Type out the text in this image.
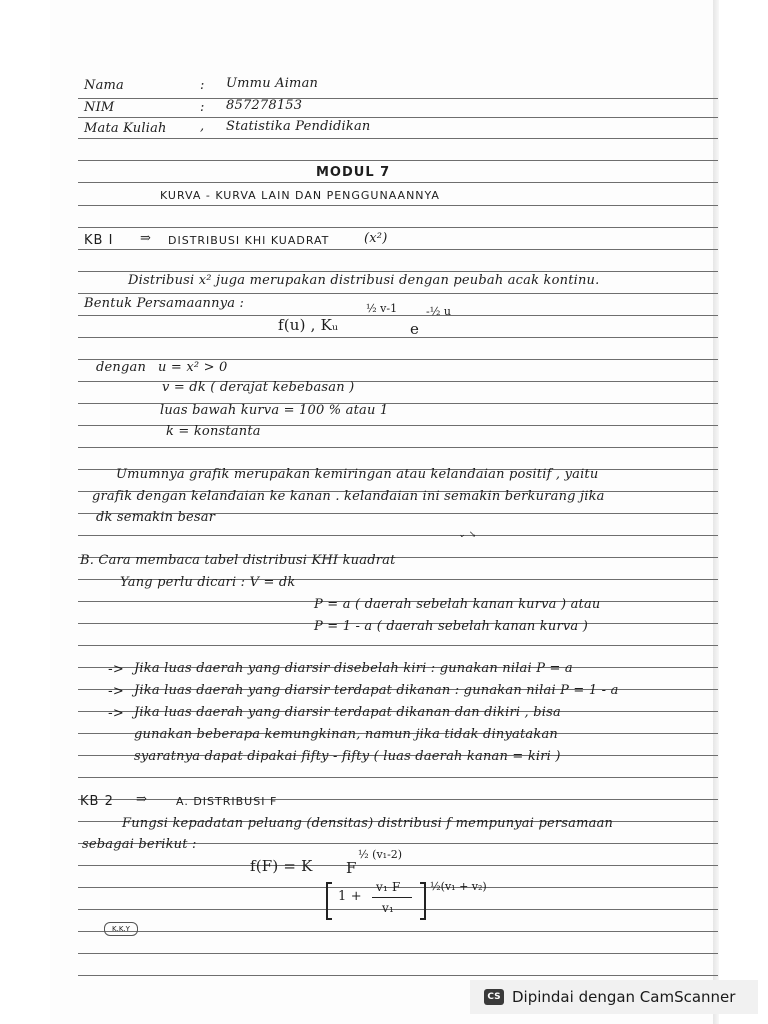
Nama	: Ummu Aiman
NIM	: 857278153
Mata Kuliah	, Statistika Pendidikan
MODUL 7
KURVA - KURVA LAIN DAN PENGGUNAANNYA
KB I ⇒ DISTRIBUSI KHI KUADRAT	(x²)
Distribusi x² juga merupakan distribusi dengan peubah acak kontinu.
Bentuk Persamaannya :
f(u) , Kᵤ
½ v-1
e
-½ u
dengan u = x² > 0
v = dk ( derajat kebebasan )
luas bawah kurva = 100 % atau 1
k = konstanta
Umumnya grafik merupakan kemiringan atau kelandaian positif , yaitu
grafik dengan kelandaian ke kanan . kelandaian ini semakin berkurang jika
dk semakin besar
⌄ ↘
B. Cara membaca tabel distribusi KHI kuadrat
Yang perlu dicari : V = dk
P = a ( daerah sebelah kanan kurva ) atau
P = 1 - a ( daerah sebelah kanan kurva )
-> Jika luas daerah yang diarsir disebelah kiri : gunakan nilai P = a
-> Jika luas daerah yang diarsir terdapat dikanan : gunakan nilai P = 1 - a
-> Jika luas daerah yang diarsir terdapat dikanan dan dikiri , bisa
gunakan beberapa kemungkinan, namun jika tidak dinyatakan
syaratnya dapat dipakai fifty - fifty ( luas daerah kanan = kiri )
KB 2 ⇒	A. DISTRIBUSI F
Fungsi kepadatan peluang (densitas) distribusi f mempunyai persamaan
sebagai berikut :
f(F) = K F
½ (v₁-2)
1 +
v₁ F
v₁
½(v₁ + v₂)
K.K.Y
CS Dipindai dengan CamScanner
